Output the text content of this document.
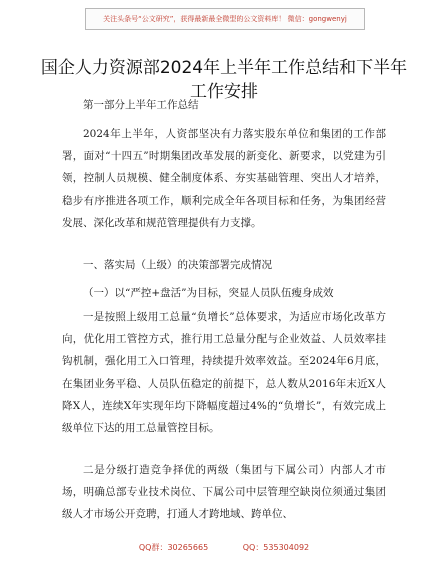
关注头条号“公文研究”，获得最新最全微型的公文资料库！ 微信：gongwenyj
国企人力资源部2024年上半年工作总结和下半年工作安排

第一部分上半年工作总结

2024年上半年，人资部坚决有力落实股东单位和集团的工作部署，面对“十四五”时期集团改革发展的新变化、新要求，以党建为引领，控制人员规模、健全制度体系、夯实基础管理、突出人才培养，稳步有序推进各项工作，顺利完成全年各项目标和任务，为集团经营发展、深化改革和规范管理提供有力支撑。

一、落实局（上级）的决策部署完成情况

（一）以“严控+盘活”为目标，突显人员队伍瘦身成效

一是按照上级用工总量“负增长”总体要求，为适应市场化改革方向，优化用工管控方式，推行用工总量分配与企业效益、人员效率挂钩机制，强化用工入口管理，持续提升效率效益。至2024年6月底，在集团业务平稳、人员队伍稳定的前提下，总人数从2016年末近X人降X人，连续X年实现年均下降幅度超过4%的“负增长”，有效完成上级单位下达的用工总量管控目标。

二是分级打造竞争择优的两级（集团与下属公司）内部人才市场，明确总部专业技术岗位、下属公司中层管理空缺岗位须通过集团级人才市场公开竞聘，打通人才跨地域、跨单位、

QQ群：30265665	QQ：535304092
